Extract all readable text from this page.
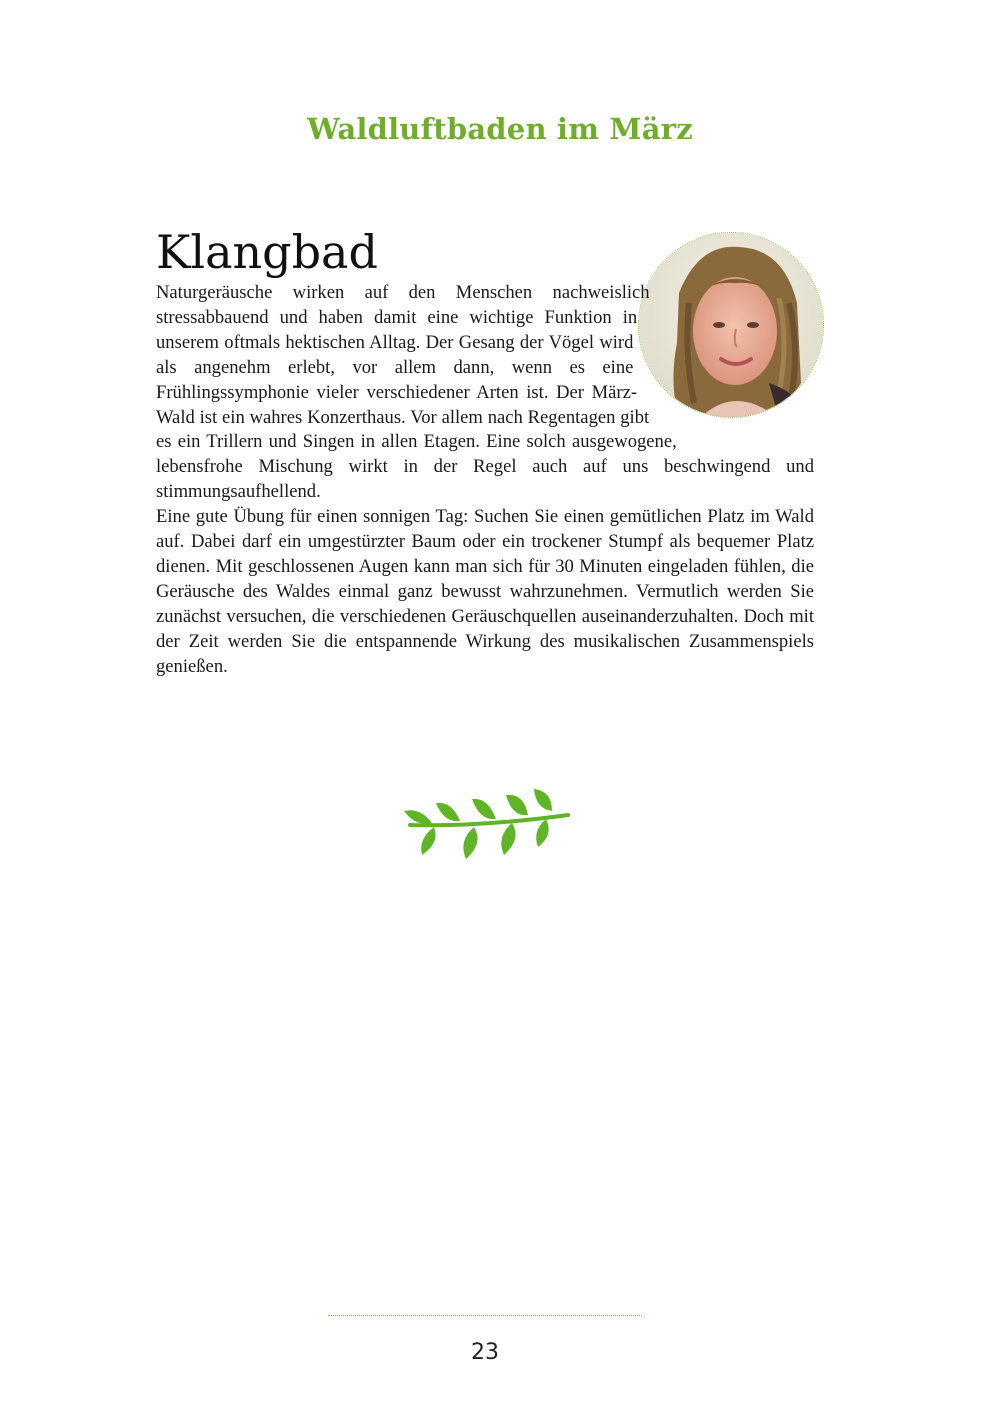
Waldluftbaden im März
Klangbad

Naturgeräusche wirken auf den Menschen nachweislich stressabbauend und haben damit eine wichtige Funktion in unserem oftmals hektischen Alltag. Der Gesang der Vögel wird als angenehm erlebt, vor allem dann, wenn es eine Frühlingssymphonie vieler verschiedener Arten ist. Der März-Wald ist ein wahres Konzerthaus. Vor allem nach Regentagen gibt es ein Trillern und Singen in allen Etagen. Eine solch ausgewogene, lebensfrohe Mischung wirkt in der Regel auch auf uns beschwingend und stimmungsaufhellend.

Eine gute Übung für einen sonnigen Tag: Suchen Sie einen gemütlichen Platz im Wald auf. Dabei darf ein umgestürzter Baum oder ein trockener Stumpf als bequemer Platz dienen. Mit geschlossenen Augen kann man sich für 30 Minuten eingeladen fühlen, die Geräusche des Waldes einmal ganz bewusst wahrzunehmen. Vermutlich werden Sie zunächst versuchen, die verschiedenen Geräuschquellen auseinanderzuhalten. Doch mit der Zeit werden Sie die entspannende Wirkung des musikalischen Zusammenspiels genießen.

23
